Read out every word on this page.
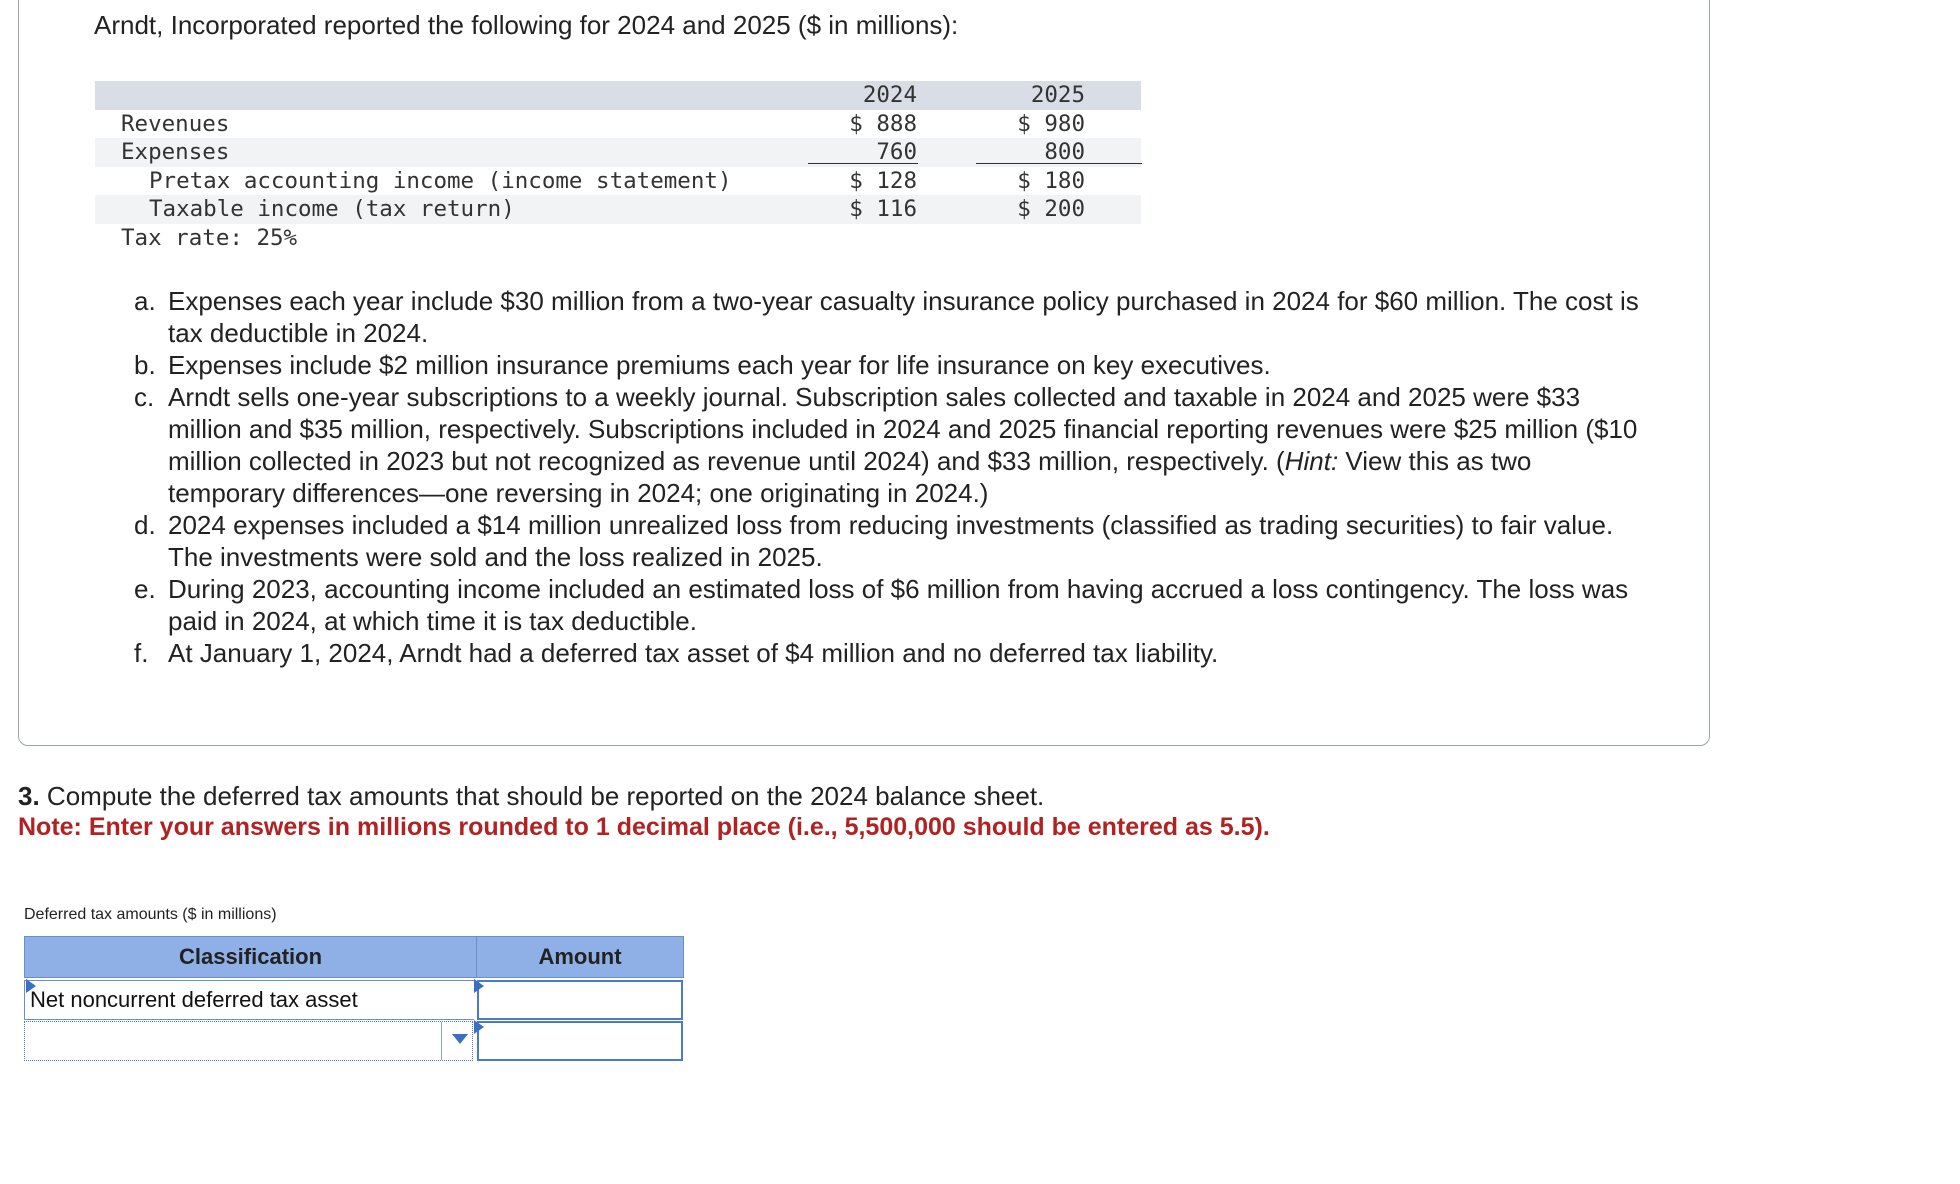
Arndt, Incorporated reported the following for 2024 and 2025 ($ in millions):
2024	2025
Revenues	$ 888	$ 980
Expenses	760	800
Pretax accounting income (income statement)	$ 128	$ 180
Taxable income (tax return)	$ 116	$ 200
Tax rate: 25%
a. Expenses each year include $30 million from a two-year casualty insurance policy purchased in 2024 for $60 million. The cost is tax deductible in 2024.
b. Expenses include $2 million insurance premiums each year for life insurance on key executives.
c. Arndt sells one-year subscriptions to a weekly journal. Subscription sales collected and taxable in 2024 and 2025 were $33 million and $35 million, respectively. Subscriptions included in 2024 and 2025 financial reporting revenues were $25 million ($10 million collected in 2023 but not recognized as revenue until 2024) and $33 million, respectively. (Hint: View this as two temporary differences—one reversing in 2024; one originating in 2024.)
d. 2024 expenses included a $14 million unrealized loss from reducing investments (classified as trading securities) to fair value. The investments were sold and the loss realized in 2025.
e. During 2023, accounting income included an estimated loss of $6 million from having accrued a loss contingency. The loss was paid in 2024, at which time it is tax deductible.
f. At January 1, 2024, Arndt had a deferred tax asset of $4 million and no deferred tax liability.
3. Compute the deferred tax amounts that should be reported on the 2024 balance sheet.
Note: Enter your answers in millions rounded to 1 decimal place (i.e., 5,500,000 should be entered as 5.5).
Deferred tax amounts ($ in millions)
Classification	Amount
Net noncurrent deferred tax asset
